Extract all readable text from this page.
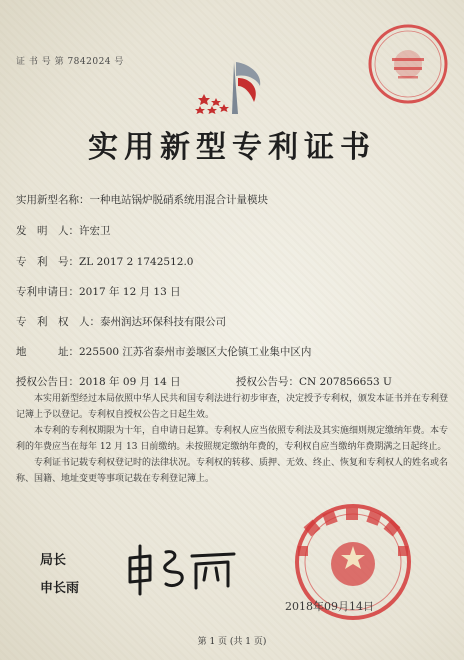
证 书 号 第 7842024 号
实用新型专利证书
实用新型名称：一种电站锅炉脱硝系统用混合计量模块
发　明　人：许宏卫
专　利　号：ZL 2017 2 1742512.0
专利申请日：2017 年 12 月 13 日
专　利　权　人：泰州润达环保科技有限公司
地　　　址：225500 江苏省泰州市姜堰区大伦镇工业集中区内
授权公告日：2018 年 09 月 14 日	授权公告号：CN 207856653 U

本实用新型经过本局依照中华人民共和国专利法进行初步审查，决定授予专利权，颁发本证书并在专利登记簿上予以登记。专利权自授权公告之日起生效。

本专利的专利权期限为十年，自申请日起算。专利权人应当依照专利法及其实施细则规定缴纳年费。本专利的年费应当在每年 12 月 13 日前缴纳。未按照规定缴纳年费的，专利权自应当缴纳年费期满之日起终止。

专利证书记载专利权登记时的法律状况。专利权的转移、质押、无效、终止、恢复和专利权人的姓名或名称、国籍、地址变更等事项记载在专利登记簿上。

局长
申长雨
2018年09月14日
第 1 页 (共 1 页)
